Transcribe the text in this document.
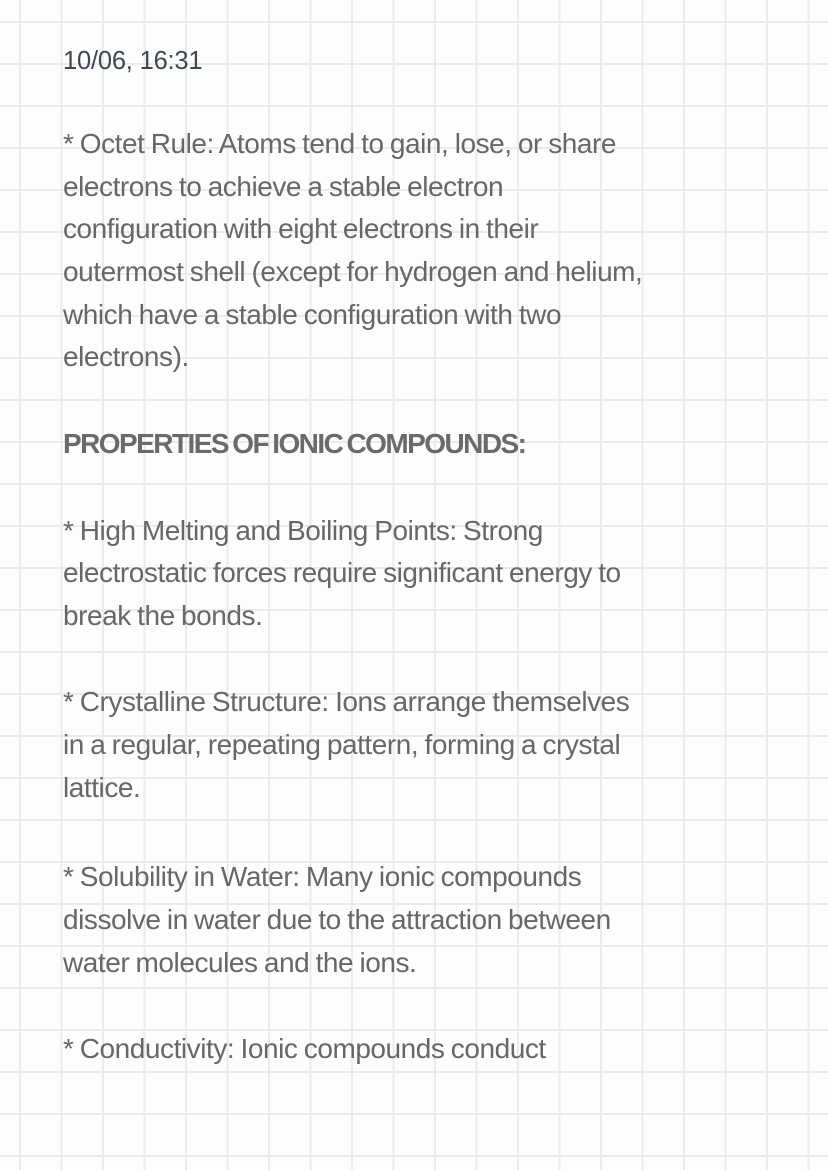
10/06, 16:31
* Octet Rule: Atoms tend to gain, lose, or share
electrons to achieve a stable electron
configuration with eight electrons in their
outermost shell (except for hydrogen and helium,
which have a stable configuration with two
electrons).
PROPERTIES OF IONIC COMPOUNDS:
* High Melting and Boiling Points: Strong
electrostatic forces require significant energy to
break the bonds.
* Crystalline Structure: Ions arrange themselves
in a regular, repeating pattern, forming a crystal
lattice.
* Solubility in Water: Many ionic compounds
dissolve in water due to the attraction between
water molecules and the ions.
* Conductivity: Ionic compounds conduct
